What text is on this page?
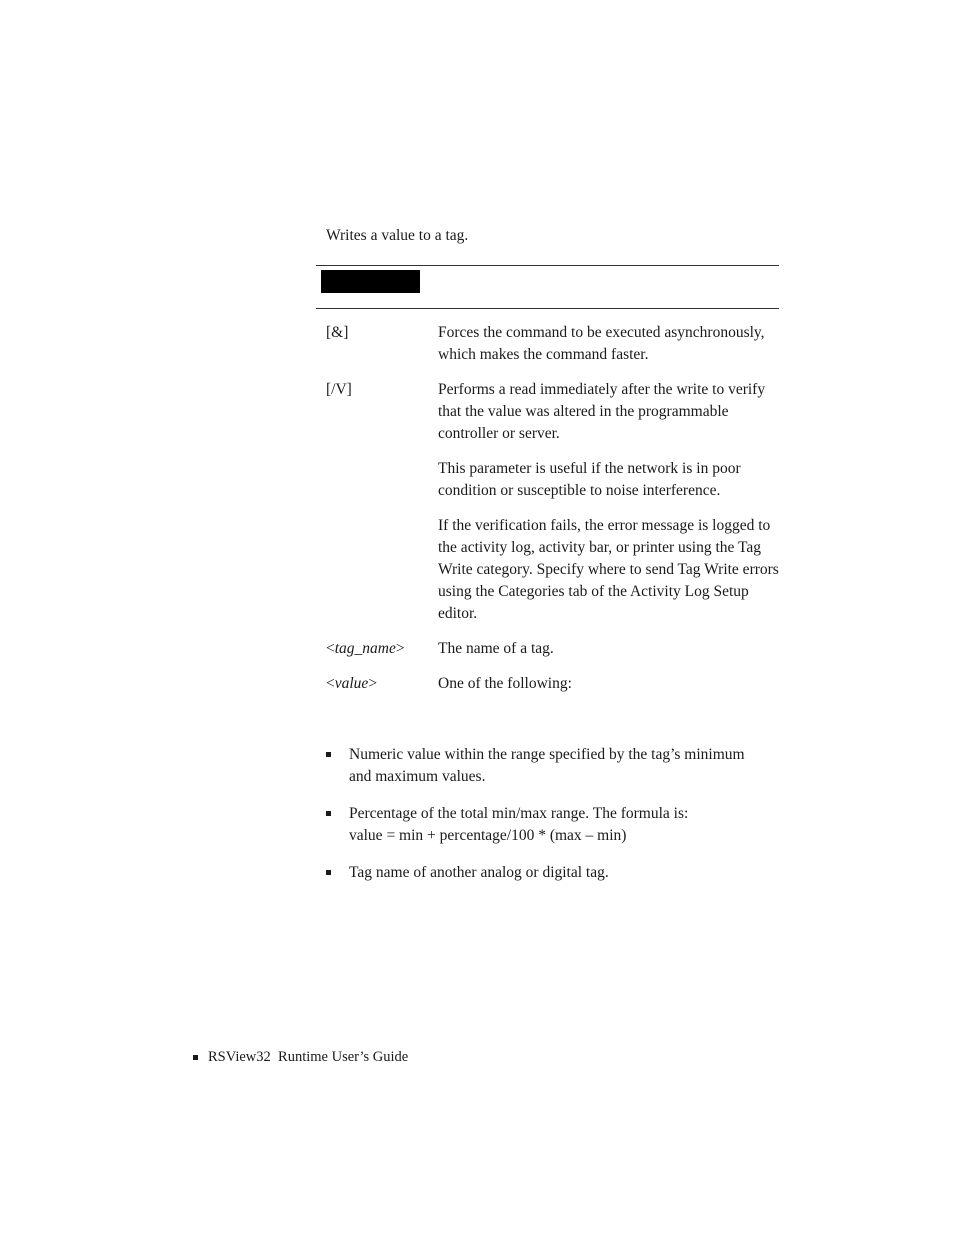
Writes a value to a tag.

[&]	Forces the command to be executed asynchronously, which makes the command faster.

[/V]	Performs a read immediately after the write to verify that the value was altered in the programmable controller or server.

This parameter is useful if the network is in poor condition or susceptible to noise interference.

If the verification fails, the error message is logged to the activity log, activity bar, or printer using the Tag Write category. Specify where to send Tag Write errors using the Categories tab of the Activity Log Setup editor.

<tag_name>	The name of a tag.

<value>	One of the following:

Numeric value within the range specified by the tag’s minimum
and maximum values.
Percentage of the total min/max range. The formula is:
value = min + percentage/100 * (max – min)
Tag name of another analog or digital tag.
RSView32
Runtime User’s Guide
